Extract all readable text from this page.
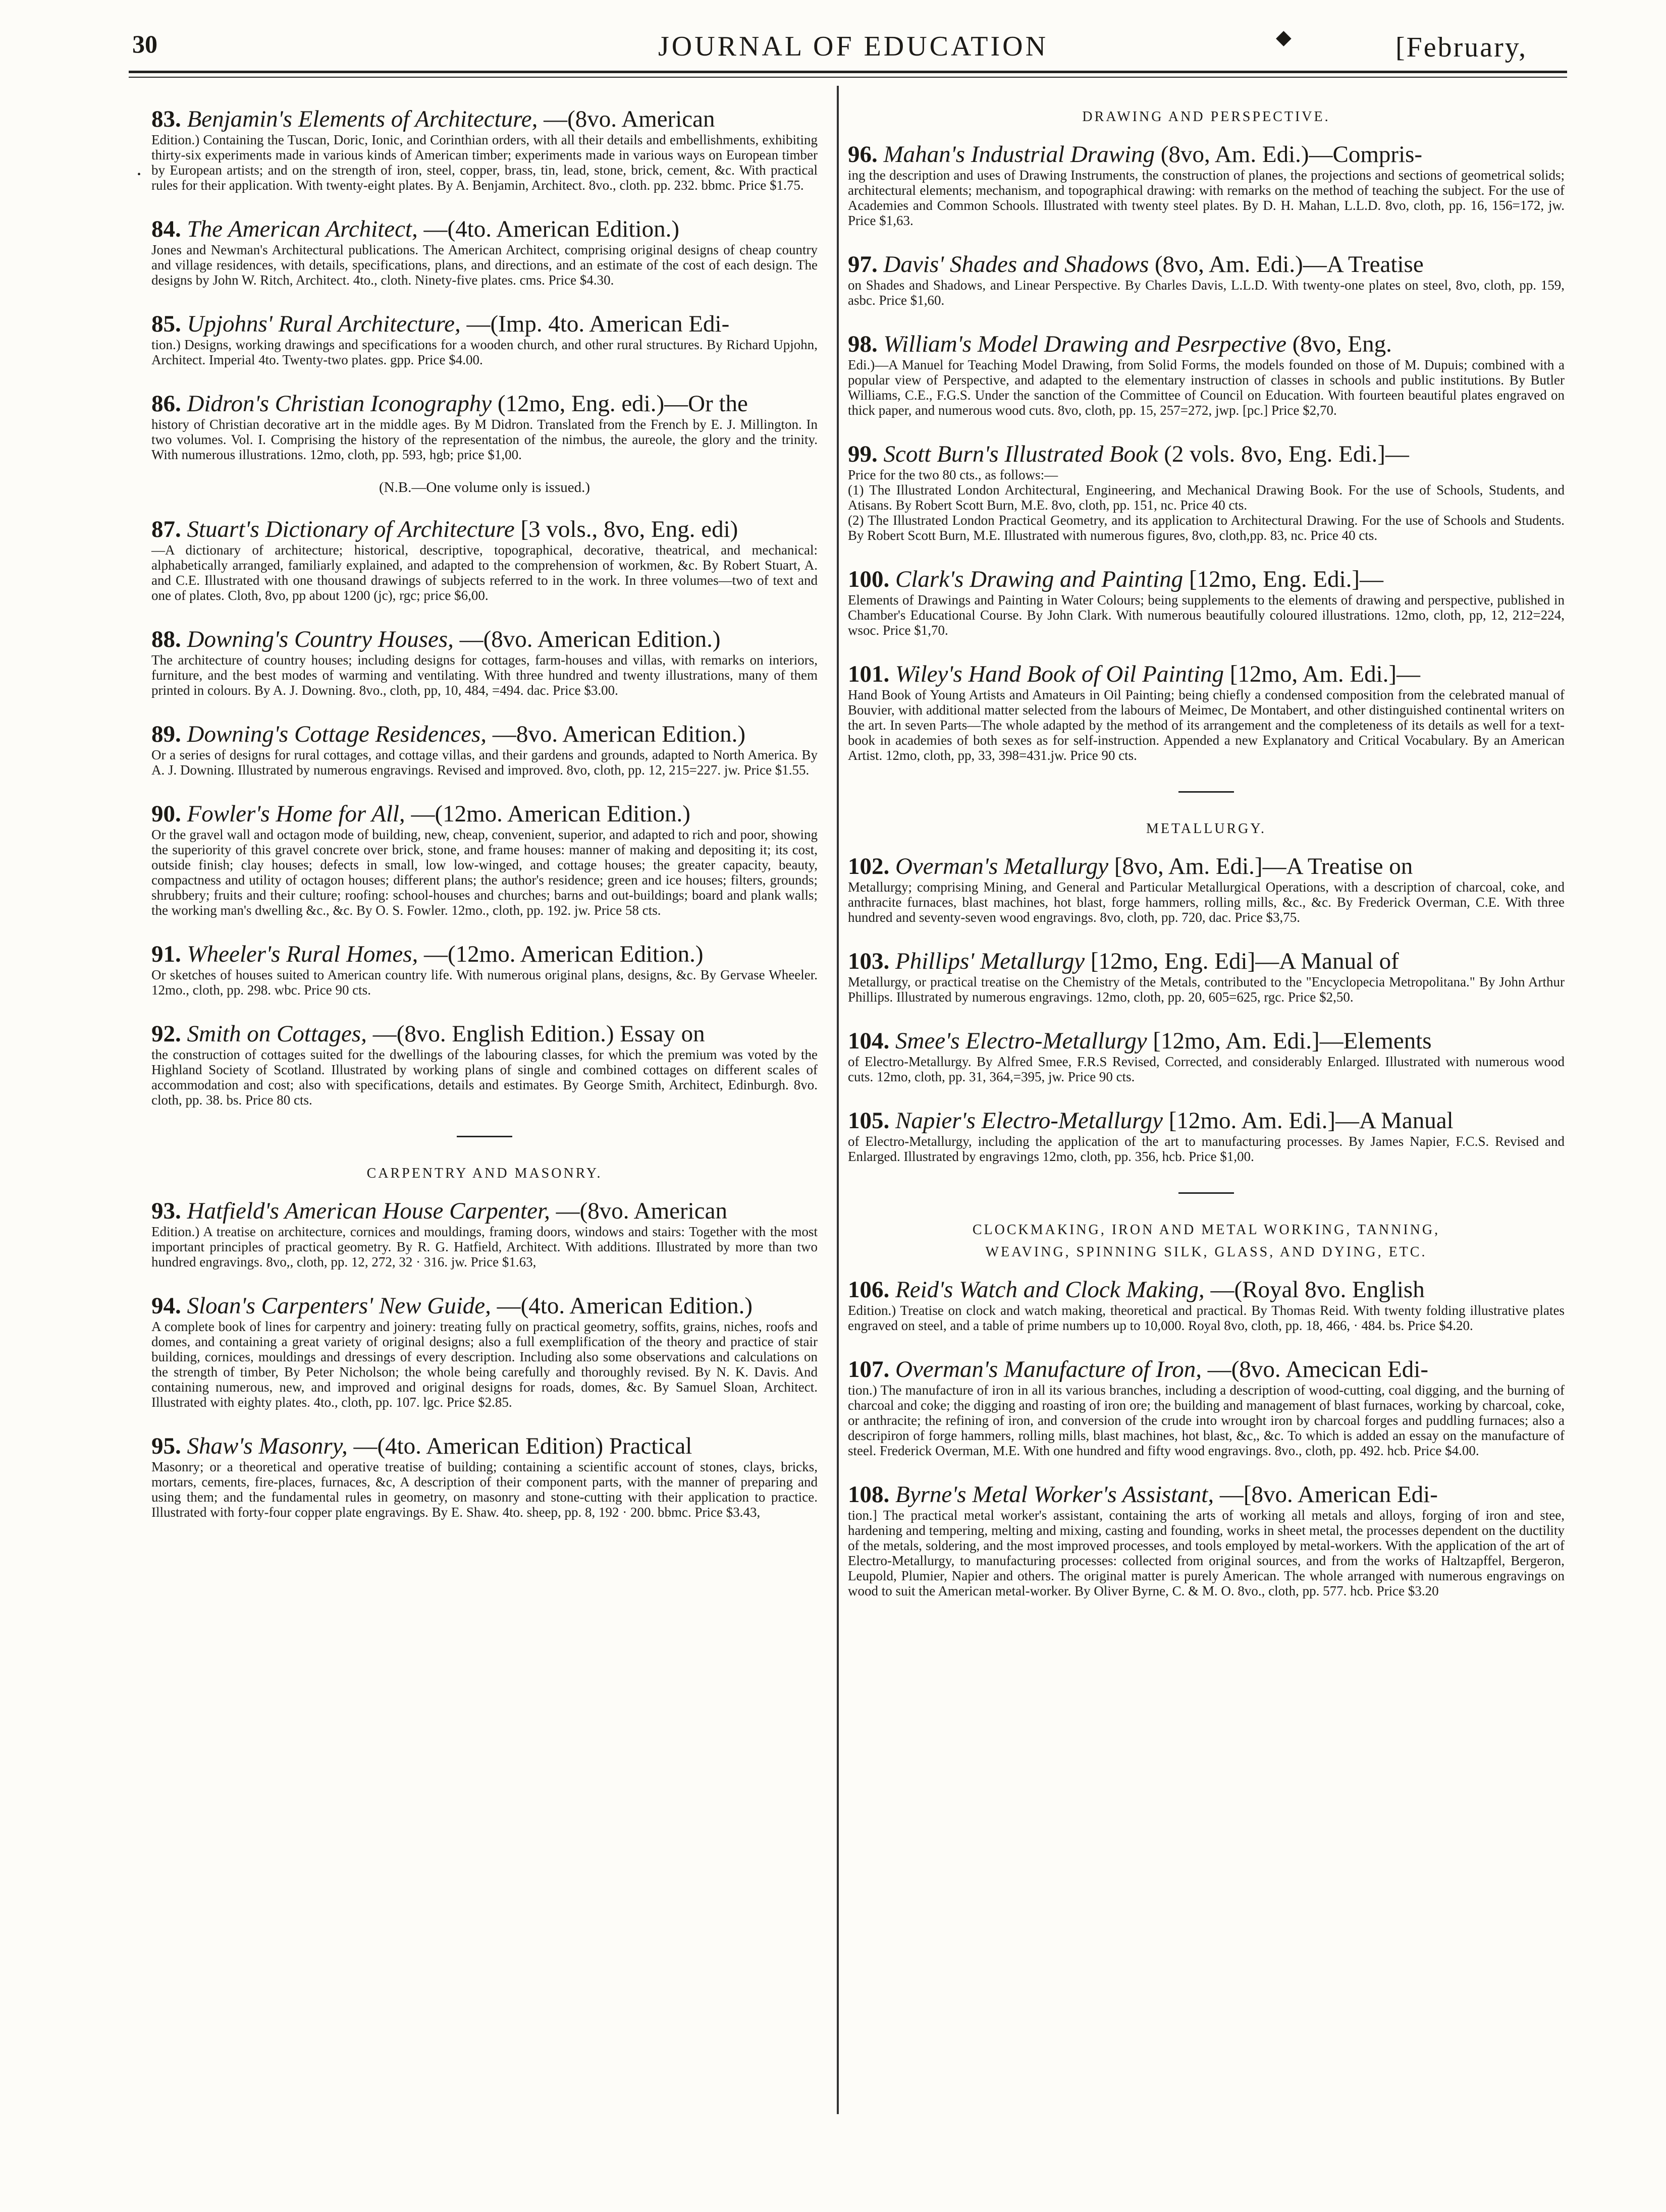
30	JOURNAL OF EDUCATION	◆	[February,
•

83. Benjamin's Elements of Architecture, —(8vo. American

Edition.) Containing the Tuscan, Doric, Ionic, and Corinthian orders, with all their details and embellishments, exhibiting thirty-six experiments made in various kinds of American timber; experiments made in various ways on European timber by European artists; and on the strength of iron, steel, copper, brass, tin, lead, stone, brick, cement, &c. With practical rules for their application. With twenty-eight plates. By A. Benjamin, Architect. 8vo., cloth. pp. 232. bbmc. Price $1.75.

84. The American Architect, —(4to. American Edition.)

Jones and Newman's Architectural publications. The American Architect, comprising original designs of cheap country and village residences, with details, specifications, plans, and directions, and an estimate of the cost of each design. The designs by John W. Ritch, Architect. 4to., cloth. Ninety-five plates. cms. Price $4.30.

85. Upjohns' Rural Architecture, —(Imp. 4to. American Edi-

tion.) Designs, working drawings and specifications for a wooden church, and other rural structures. By Richard Upjohn, Architect. Imperial 4to. Twenty-two plates. gpp. Price $4.00.

86. Didron's Christian Iconography (12mo, Eng. edi.)—Or the

history of Christian decorative art in the middle ages. By M Didron. Translated from the French by E. J. Millington. In two volumes. Vol. I. Comprising the history of the representation of the nimbus, the aureole, the glory and the trinity. With numerous illustrations. 12mo, cloth, pp. 593, hgb; price $1,00.

(N.B.—One volume only is issued.)

87. Stuart's Dictionary of Architecture [3 vols., 8vo, Eng. edi)

—A dictionary of architecture; historical, descriptive, topographical, decorative, theatrical, and mechanical: alphabetically arranged, familiarly explained, and adapted to the comprehension of workmen, &c. By Robert Stuart, A. and C.E. Illustrated with one thousand drawings of subjects referred to in the work. In three volumes—two of text and one of plates. Cloth, 8vo, pp about 1200 (jc), rgc; price $6,00.

88. Downing's Country Houses, —(8vo. American Edition.)

The architecture of country houses; including designs for cottages, farm-houses and villas, with remarks on interiors, furniture, and the best modes of warming and ventilating. With three hundred and twenty illustrations, many of them printed in colours. By A. J. Downing. 8vo., cloth, pp, 10, 484, =494. dac. Price $3.00.

89. Downing's Cottage Residences, —8vo. American Edition.)

Or a series of designs for rural cottages, and cottage villas, and their gardens and grounds, adapted to North America. By A. J. Downing. Illustrated by numerous engravings. Revised and improved. 8vo, cloth, pp. 12, 215=227. jw. Price $1.55.

90. Fowler's Home for All, —(12mo. American Edition.)

Or the gravel wall and octagon mode of building, new, cheap, convenient, superior, and adapted to rich and poor, showing the superiority of this gravel concrete over brick, stone, and frame houses: manner of making and depositing it; its cost, outside finish; clay houses; defects in small, low low-winged, and cottage houses; the greater capacity, beauty, compactness and utility of octagon houses; different plans; the author's residence; green and ice houses; filters, grounds; shrubbery; fruits and their culture; roofing: school-houses and churches; barns and out-buildings; board and plank walls; the working man's dwelling &c., &c. By O. S. Fowler. 12mo., cloth, pp. 192. jw. Price 58 cts.

91. Wheeler's Rural Homes, —(12mo. American Edition.)

Or sketches of houses suited to American country life. With numerous original plans, designs, &c. By Gervase Wheeler. 12mo., cloth, pp. 298. wbc. Price 90 cts.

92. Smith on Cottages, —(8vo. English Edition.) Essay on

the construction of cottages suited for the dwellings of the labouring classes, for which the premium was voted by the Highland Society of Scotland. Illustrated by working plans of single and combined cottages on different scales of accommodation and cost; also with specifications, details and estimates. By George Smith, Architect, Edinburgh. 8vo. cloth, pp. 38. bs. Price 80 cts.

CARPENTRY AND MASONRY.

93. Hatfield's American House Carpenter, —(8vo. American

Edition.) A treatise on architecture, cornices and mouldings, framing doors, windows and stairs: Together with the most important principles of practical geometry. By R. G. Hatfield, Architect. With additions. Illustrated by more than two hundred engravings. 8vo,, cloth, pp. 12, 272, 32 · 316. jw. Price $1.63,

94. Sloan's Carpenters' New Guide, —(4to. American Edition.)

A complete book of lines for carpentry and joinery: treating fully on practical geometry, soffits, grains, niches, roofs and domes, and containing a great variety of original designs; also a full exemplification of the theory and practice of stair building, cornices, mouldings and dressings of every description. Including also some observations and calculations on the strength of timber, By Peter Nicholson; the whole being carefully and thoroughly revised. By N. K. Davis. And containing numerous, new, and improved and original designs for roads, domes, &c. By Samuel Sloan, Architect. Illustrated with eighty plates. 4to., cloth, pp. 107. lgc. Price $2.85.

95. Shaw's Masonry, —(4to. American Edition) Practical

Masonry; or a theoretical and operative treatise of building; containing a scientific account of stones, clays, bricks, mortars, cements, fire-places, furnaces, &c, A description of their component parts, with the manner of preparing and using them; and the fundamental rules in geometry, on masonry and stone-cutting with their application to practice. Illustrated with forty-four copper plate engravings. By E. Shaw. 4to. sheep, pp. 8, 192 · 200. bbmc. Price $3.43,

DRAWING AND PERSPECTIVE.

96. Mahan's Industrial Drawing (8vo, Am. Edi.)—Compris-

ing the description and uses of Drawing Instruments, the construction of planes, the projections and sections of geometrical solids; architectural elements; mechanism, and topographical drawing: with remarks on the method of teaching the subject. For the use of Academies and Common Schools. Illustrated with twenty steel plates. By D. H. Mahan, L.L.D. 8vo, cloth, pp. 16, 156=172, jw. Price $1,63.

97. Davis' Shades and Shadows (8vo, Am. Edi.)—A Treatise

on Shades and Shadows, and Linear Perspective. By Charles Davis, L.L.D. With twenty-one plates on steel, 8vo, cloth, pp. 159, asbc. Price $1,60.

98. William's Model Drawing and Pesrpective (8vo, Eng.

Edi.)—A Manuel for Teaching Model Drawing, from Solid Forms, the models founded on those of M. Dupuis; combined with a popular view of Perspective, and adapted to the elementary instruction of classes in schools and public institutions. By Butler Williams, C.E., F.G.S. Under the sanction of the Committee of Council on Education. With fourteen beautiful plates engraved on thick paper, and numerous wood cuts. 8vo, cloth, pp. 15, 257=272, jwp. [pc.] Price $2,70.

99. Scott Burn's Illustrated Book (2 vols. 8vo, Eng. Edi.]—

Price for the two 80 cts., as follows:—

(1) The Illustrated London Architectural, Engineering, and Mechanical Drawing Book. For the use of Schools, Students, and Atisans. By Robert Scott Burn, M.E. 8vo, cloth, pp. 151, nc. Price 40 cts.

(2) The Illustrated London Practical Geometry, and its application to Architectural Drawing. For the use of Schools and Students. By Robert Scott Burn, M.E. Illustrated with numerous figures, 8vo, cloth,pp. 83, nc. Price 40 cts.

100. Clark's Drawing and Painting [12mo, Eng. Edi.]—

Elements of Drawings and Painting in Water Colours; being supplements to the elements of drawing and perspective, published in Chamber's Educational Course. By John Clark. With numerous beautifully coloured illustrations. 12mo, cloth, pp, 12, 212=224, wsoc. Price $1,70.

101. Wiley's Hand Book of Oil Painting [12mo, Am. Edi.]—

Hand Book of Young Artists and Amateurs in Oil Painting; being chiefly a condensed composition from the celebrated manual of Bouvier, with additional matter selected from the labours of Meimec, De Montabert, and other distinguished continental writers on the art. In seven Parts—The whole adapted by the method of its arrangement and the completeness of its details as well for a text-book in academies of both sexes as for self-instruction. Appended a new Explanatory and Critical Vocabulary. By an American Artist. 12mo, cloth, pp, 33, 398=431.jw. Price 90 cts.

METALLURGY.

102. Overman's Metallurgy [8vo, Am. Edi.]—A Treatise on

Metallurgy; comprising Mining, and General and Particular Metallurgical Operations, with a description of charcoal, coke, and anthracite furnaces, blast machines, hot blast, forge hammers, rolling mills, &c., &c. By Frederick Overman, C.E. With three hundred and seventy-seven wood engravings. 8vo, cloth, pp. 720, dac. Price $3,75.

103. Phillips' Metallurgy [12mo, Eng. Edi]—A Manual of

Metallurgy, or practical treatise on the Chemistry of the Metals, contributed to the "Encyclopecia Metropolitana." By John Arthur Phillips. Illustrated by numerous engravings. 12mo, cloth, pp. 20, 605=625, rgc. Price $2,50.

104. Smee's Electro-Metallurgy [12mo, Am. Edi.]—Elements

of Electro-Metallurgy. By Alfred Smee, F.R.S Revised, Corrected, and considerably Enlarged. Illustrated with numerous wood cuts. 12mo, cloth, pp. 31, 364,=395, jw. Price 90 cts.

105. Napier's Electro-Metallurgy [12mo. Am. Edi.]—A Manual

of Electro-Metallurgy, including the application of the art to manufacturing processes. By James Napier, F.C.S. Revised and Enlarged. Illustrated by engravings 12mo, cloth, pp. 356, hcb. Price $1,00.

CLOCKMAKING, IRON AND METAL WORKING, TANNING,
WEAVING, SPINNING SILK, GLASS, AND DYING, ETC.

106. Reid's Watch and Clock Making, —(Royal 8vo. English

Edition.) Treatise on clock and watch making, theoretical and practical. By Thomas Reid. With twenty folding illustrative plates engraved on steel, and a table of prime numbers up to 10,000. Royal 8vo, cloth, pp. 18, 466, · 484. bs. Price $4.20.

107. Overman's Manufacture of Iron, —(8vo. Amecican Edi-

tion.) The manufacture of iron in all its various branches, including a description of wood-cutting, coal digging, and the burning of charcoal and coke; the digging and roasting of iron ore; the building and management of blast furnaces, working by charcoal, coke, or anthracite; the refining of iron, and conversion of the crude into wrought iron by charcoal forges and puddling furnaces; also a descripiron of forge hammers, rolling mills, blast machines, hot blast, &c,, &c. To which is added an essay on the manufacture of steel. Frederick Overman, M.E. With one hundred and fifty wood engravings. 8vo., cloth, pp. 492. hcb. Price $4.00.

108. Byrne's Metal Worker's Assistant, —[8vo. American Edi-

tion.] The practical metal worker's assistant, containing the arts of working all metals and alloys, forging of iron and stee, hardening and tempering, melting and mixing, casting and founding, works in sheet metal, the processes dependent on the ductility of the metals, soldering, and the most improved processes, and tools employed by metal-workers. With the application of the art of Electro-Metallurgy, to manufacturing processes: collected from original sources, and from the works of Haltzapffel, Bergeron, Leupold, Plumier, Napier and others. The original matter is purely American. The whole arranged with numerous engravings on wood to suit the American metal-worker. By Oliver Byrne, C. & M. O. 8vo., cloth, pp. 577. hcb. Price $3.20
